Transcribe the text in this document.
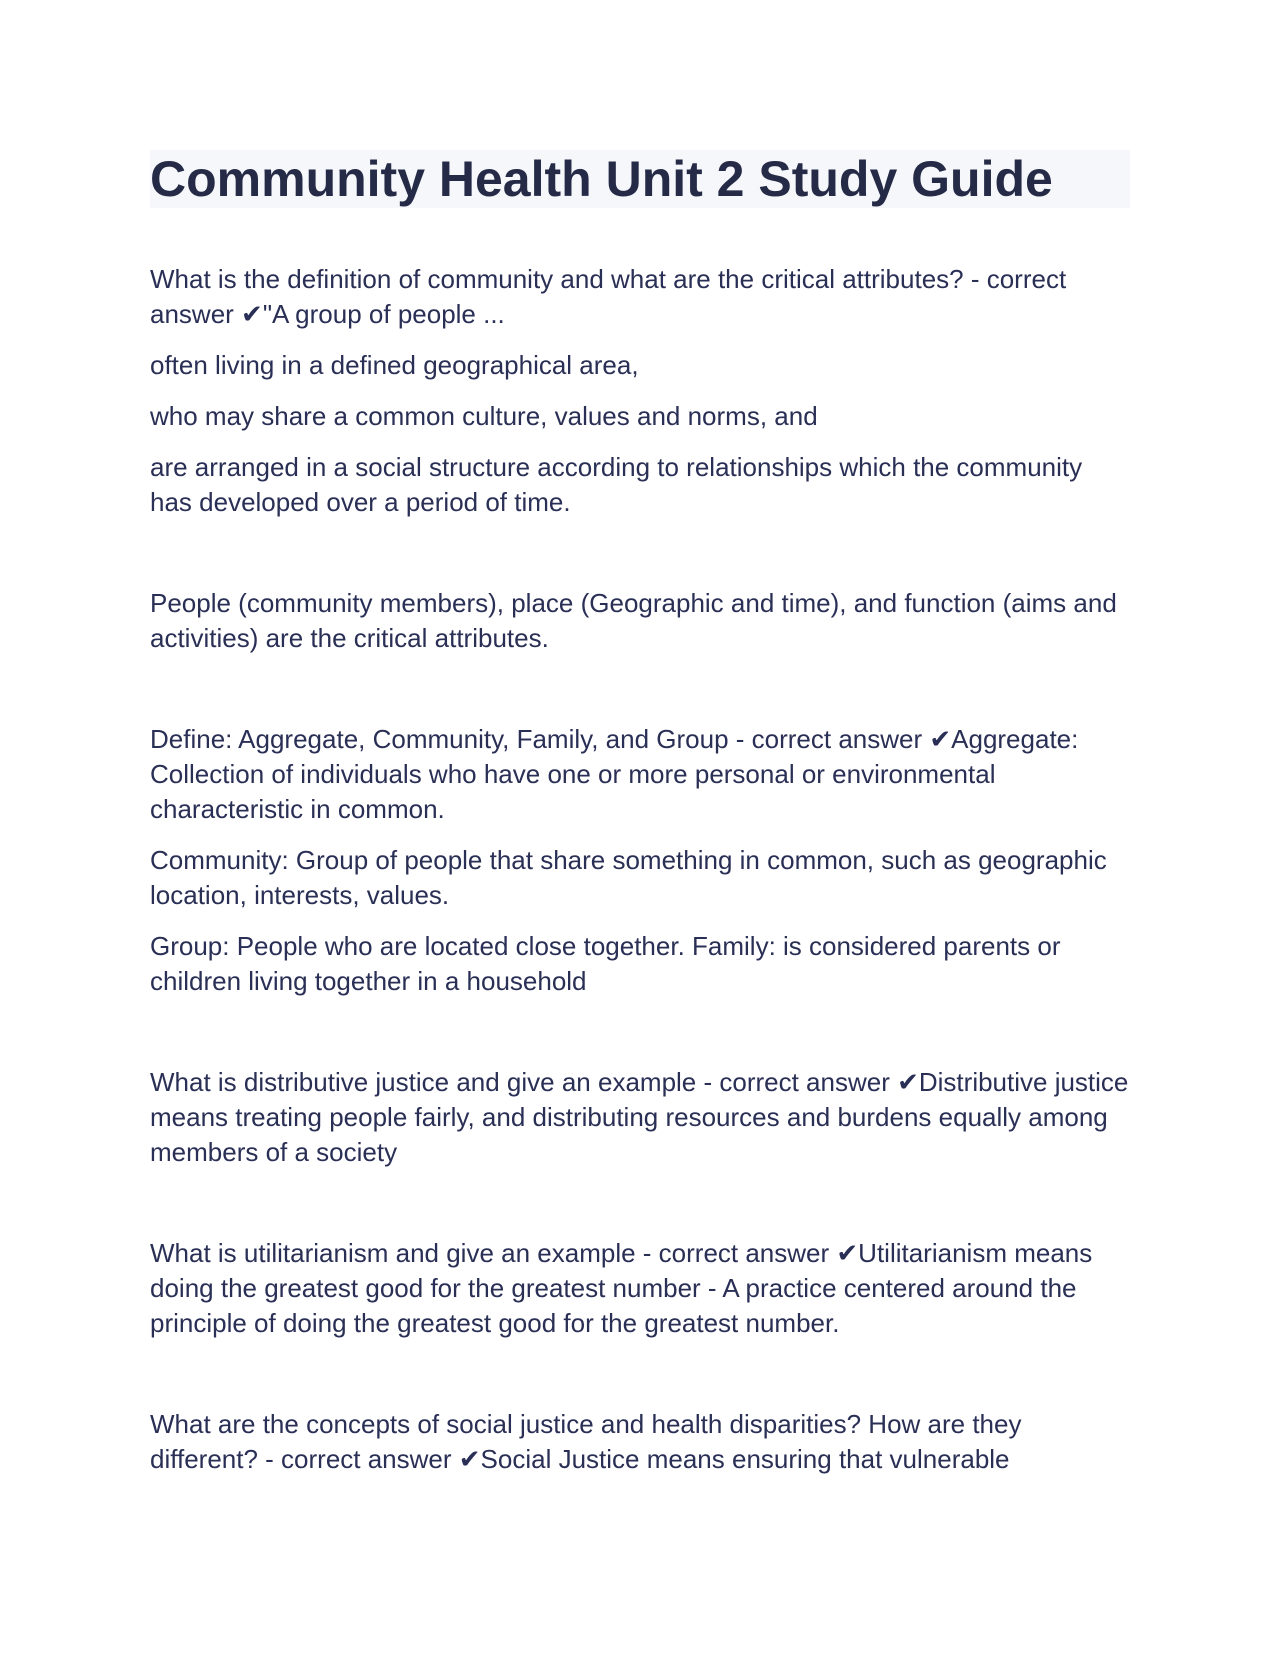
Community Health Unit 2 Study Guide

What is the definition of community and what are the critical attributes? - correct answer ✔"A group of people ...

often living in a defined geographical area,

who may share a common culture, values and norms, and

are arranged in a social structure according to relationships which the community has developed over a period of time.

People (community members), place (Geographic and time), and function (aims and activities) are the critical attributes.

Define: Aggregate, Community, Family, and Group - correct answer ✔Aggregate: Collection of individuals who have one or more personal or environmental characteristic in common.

Community: Group of people that share something in common, such as geographic location, interests, values.

Group: People who are located close together. Family: is considered parents or children living together in a household

What is distributive justice and give an example - correct answer ✔Distributive justice means treating people fairly, and distributing resources and burdens equally among members of a society

What is utilitarianism and give an example - correct answer ✔Utilitarianism means doing the greatest good for the greatest number - A practice centered around the principle of doing the greatest good for the greatest number.

What are the concepts of social justice and health disparities? How are they different? - correct answer ✔Social Justice means ensuring that vulnerable
